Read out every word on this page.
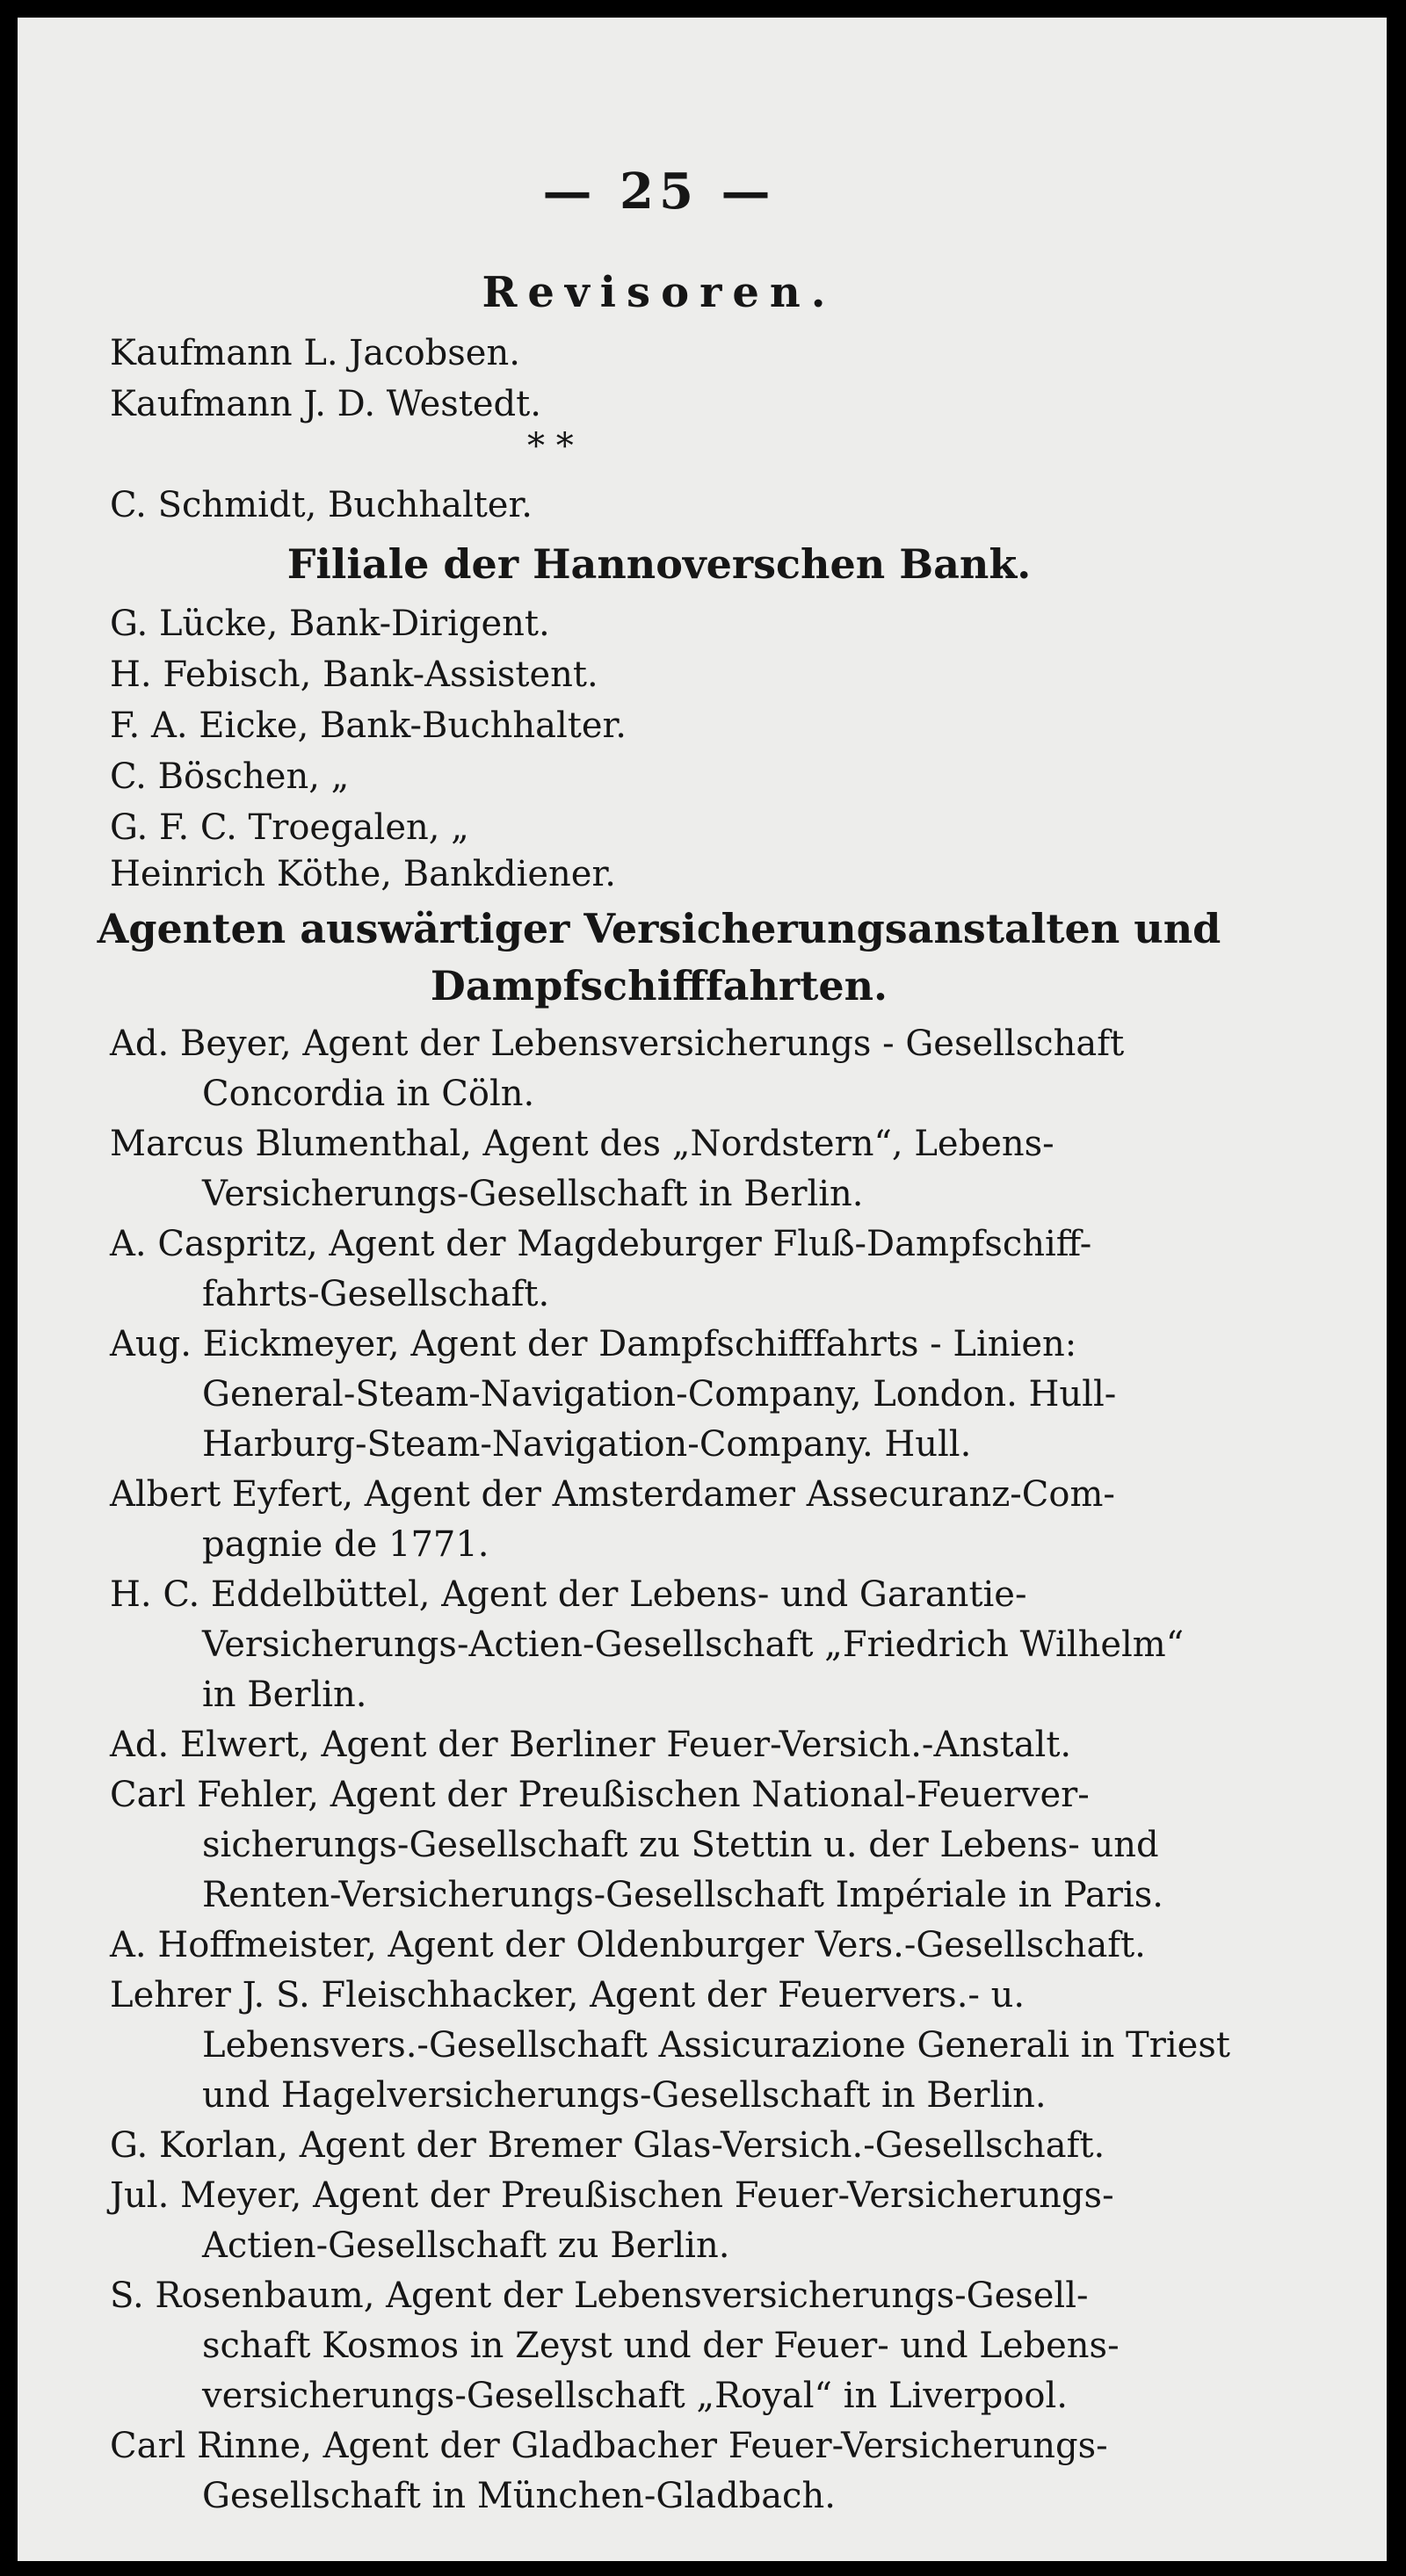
— 25 —
Revisoren.
Kaufmann L. Jacobsen.
Kaufmann J. D. Westedt.
* *
C. Schmidt, Buchhalter.
Filiale der Hannoverschen Bank.
G. Lücke, Bank-Dirigent.
H. Febisch, Bank-Assistent.
F. A. Eicke, Bank-Buchhalter.
C. Böschen, „
G. F. C. Troegalen, „
Heinrich Köthe, Bankdiener.
Agenten auswärtiger Versicherungsanstalten und
Dampfschifffahrten.
Ad. Beyer, Agent der Lebensversicherungs - Gesellschaft
Concordia in Cöln.
Marcus Blumenthal, Agent des „Nordstern“, Lebens-
Versicherungs-Gesellschaft in Berlin.
A. Caspritz, Agent der Magdeburger Fluß-Dampfschiff-
fahrts-Gesellschaft.
Aug. Eickmeyer, Agent der Dampfschifffahrts - Linien:
General-Steam-Navigation-Company, London. Hull-
Harburg-Steam-Navigation-Company. Hull.
Albert Eyfert, Agent der Amsterdamer Assecuranz-Com-
pagnie de 1771.
H. C. Eddelbüttel, Agent der Lebens- und Garantie-
Versicherungs-Actien-Gesellschaft „Friedrich Wilhelm“
in Berlin.
Ad. Elwert, Agent der Berliner Feuer-Versich.-Anstalt.
Carl Fehler, Agent der Preußischen National-Feuerver-
sicherungs-Gesellschaft zu Stettin u. der Lebens- und
Renten-Versicherungs-Gesellschaft Impériale in Paris.
A. Hoffmeister, Agent der Oldenburger Vers.-Gesellschaft.
Lehrer J. S. Fleischhacker, Agent der Feuervers.- u.
Lebensvers.-Gesellschaft Assicurazione Generali in Triest
und Hagelversicherungs-Gesellschaft in Berlin.
G. Korlan, Agent der Bremer Glas-Versich.-Gesellschaft.
Jul. Meyer, Agent der Preußischen Feuer-Versicherungs-
Actien-Gesellschaft zu Berlin.
S. Rosenbaum, Agent der Lebensversicherungs-Gesell-
schaft Kosmos in Zeyst und der Feuer- und Lebens-
versicherungs-Gesellschaft „Royal“ in Liverpool.
Carl Rinne, Agent der Gladbacher Feuer-Versicherungs-
Gesellschaft in München-Gladbach.
